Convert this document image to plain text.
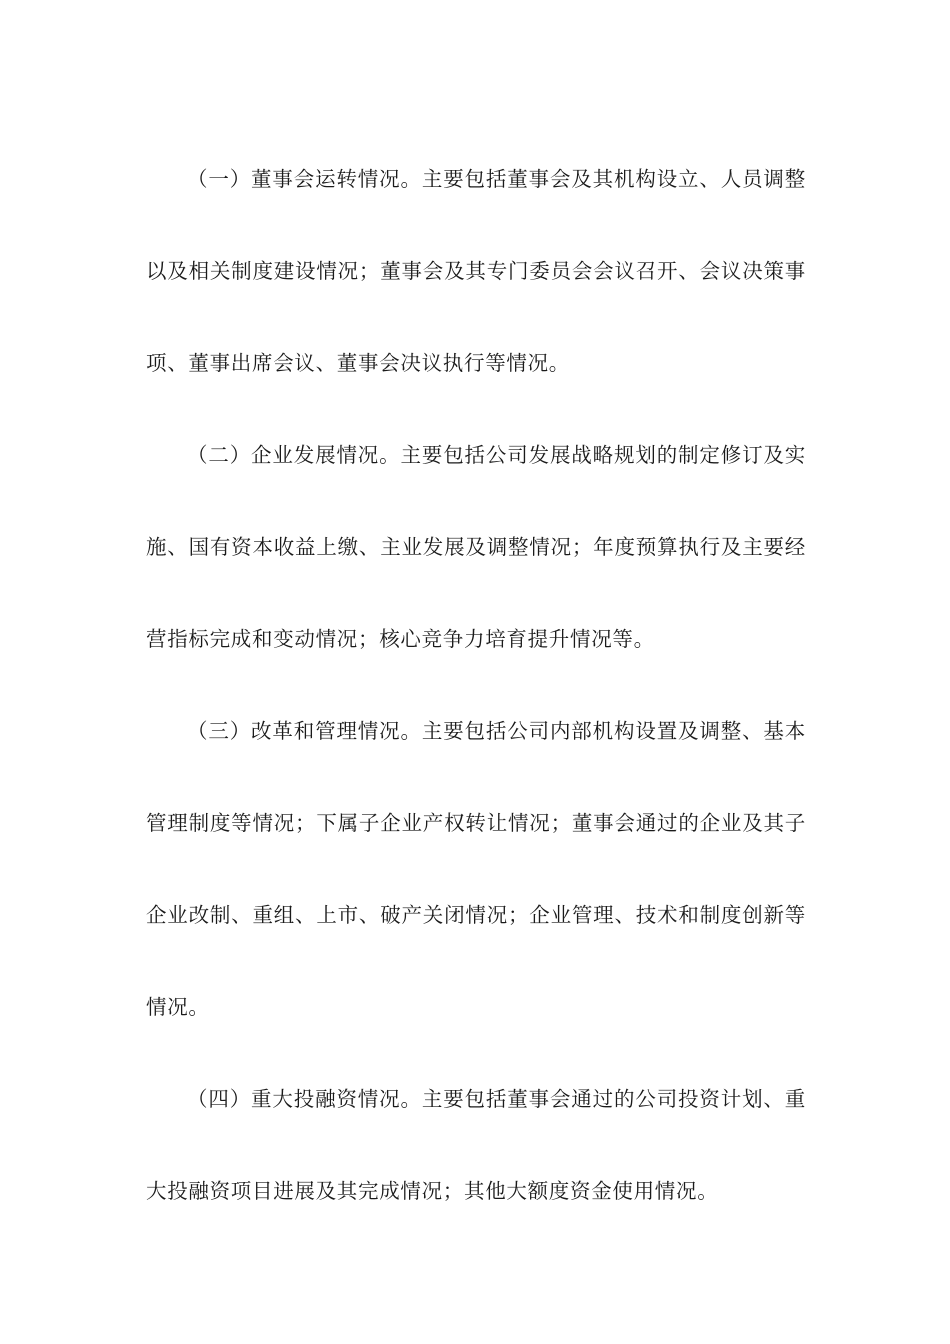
（一）董事会运转情况。主要包括董事会及其机构设立、人员调整以及相关制度建设情况；董事会及其专门委员会会议召开、会议决策事项、董事出席会议、董事会决议执行等情况。

（二）企业发展情况。主要包括公司发展战略规划的制定修订及实施、国有资本收益上缴、主业发展及调整情况；年度预算执行及主要经营指标完成和变动情况；核心竞争力培育提升情况等。

（三）改革和管理情况。主要包括公司内部机构设置及调整、基本管理制度等情况；下属子企业产权转让情况；董事会通过的企业及其子企业改制、重组、上市、破产关闭情况；企业管理、技术和制度创新等情况。

（四）重大投融资情况。主要包括董事会通过的公司投资计划、重大投融资项目进展及其完成情况；其他大额度资金使用情况。
